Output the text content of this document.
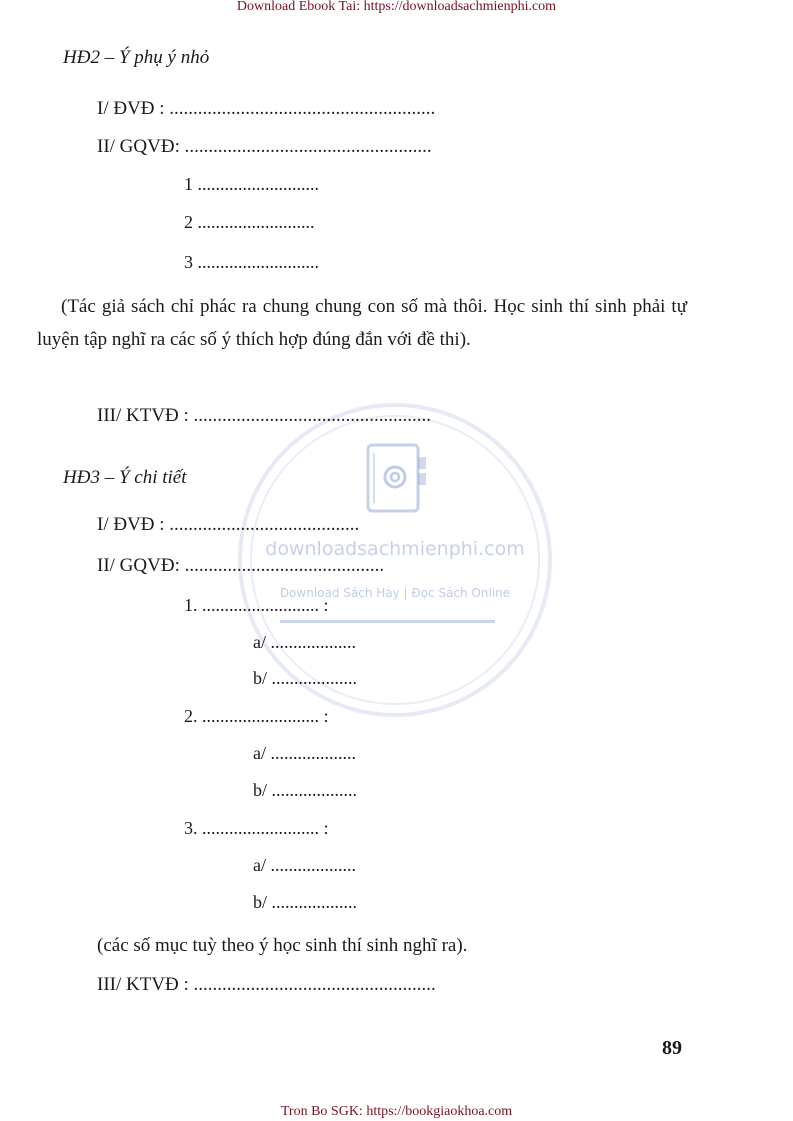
Download Ebook Tai: https://downloadsachmienphi.com
downloadsachmienphi.com
Download Sách Hay | Đọc Sách Online
HĐ2 – Ý phụ ý nhỏ
I/ ĐVĐ : ........................................................
II/ GQVĐ: ....................................................
1 ...........................
2 ..........................
3 ...........................
(Tác giả sách chỉ phác ra chung chung con số mà thôi. Học sinh thí sinh phải tự luyện tập nghĩ ra các số ý thích hợp đúng đắn với đề thi).
III/ KTVĐ : ..................................................
HĐ3 – Ý chi tiết
I/ ĐVĐ : ........................................
II/ GQVĐ: ..........................................
1. .......................... :
a/ ...................
b/ ...................
2. .......................... :
a/ ...................
b/ ...................
3. .......................... :
a/ ...................
b/ ...................
(các số mục tuỳ theo ý học sinh thí sinh nghĩ ra).
III/ KTVĐ : ...................................................
89
Tron Bo SGK: https://bookgiaokhoa.com
